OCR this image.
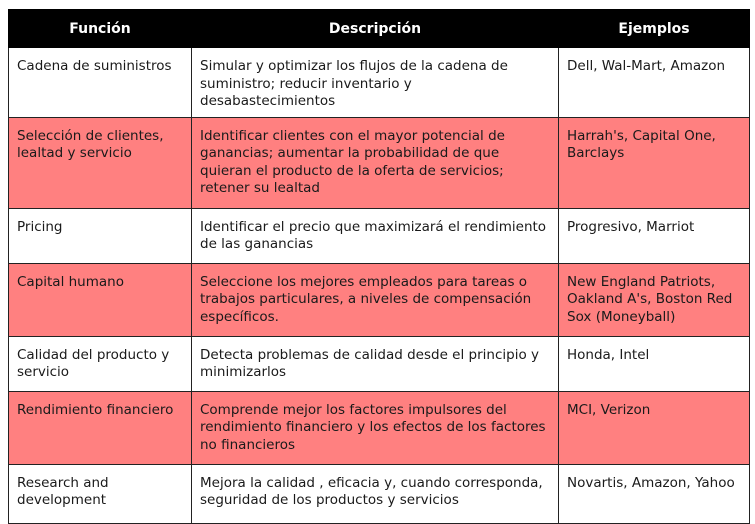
Función	Descripción	Ejemplos
Cadena de suministros	Simular y optimizar los flujos de la cadena de suministro; reducir inventario y desabastecimientos	Dell, Wal-Mart, Amazon
Selección de clientes, lealtad y servicio	Identificar clientes con el mayor potencial de ganancias; aumentar la probabilidad de que quieran el producto de la oferta de servicios; retener su lealtad	Harrah's, Capital One, Barclays
Pricing	Identificar el precio que maximizará el rendimiento de las ganancias	Progresivo, Marriot
Capital humano	Seleccione los mejores empleados para tareas o trabajos particulares, a niveles de compensación específicos.	New England Patriots, Oakland A's, Boston Red Sox (Moneyball)
Calidad del producto y servicio	Detecta problemas de calidad desde el principio y minimizarlos	Honda, Intel
Rendimiento financiero	Comprende mejor los factores impulsores del rendimiento financiero y los efectos de los factores no financieros	MCI, Verizon
Research and development	Mejora la calidad , eficacia y, cuando corresponda, seguridad de los productos y servicios	Novartis, Amazon, Yahoo
